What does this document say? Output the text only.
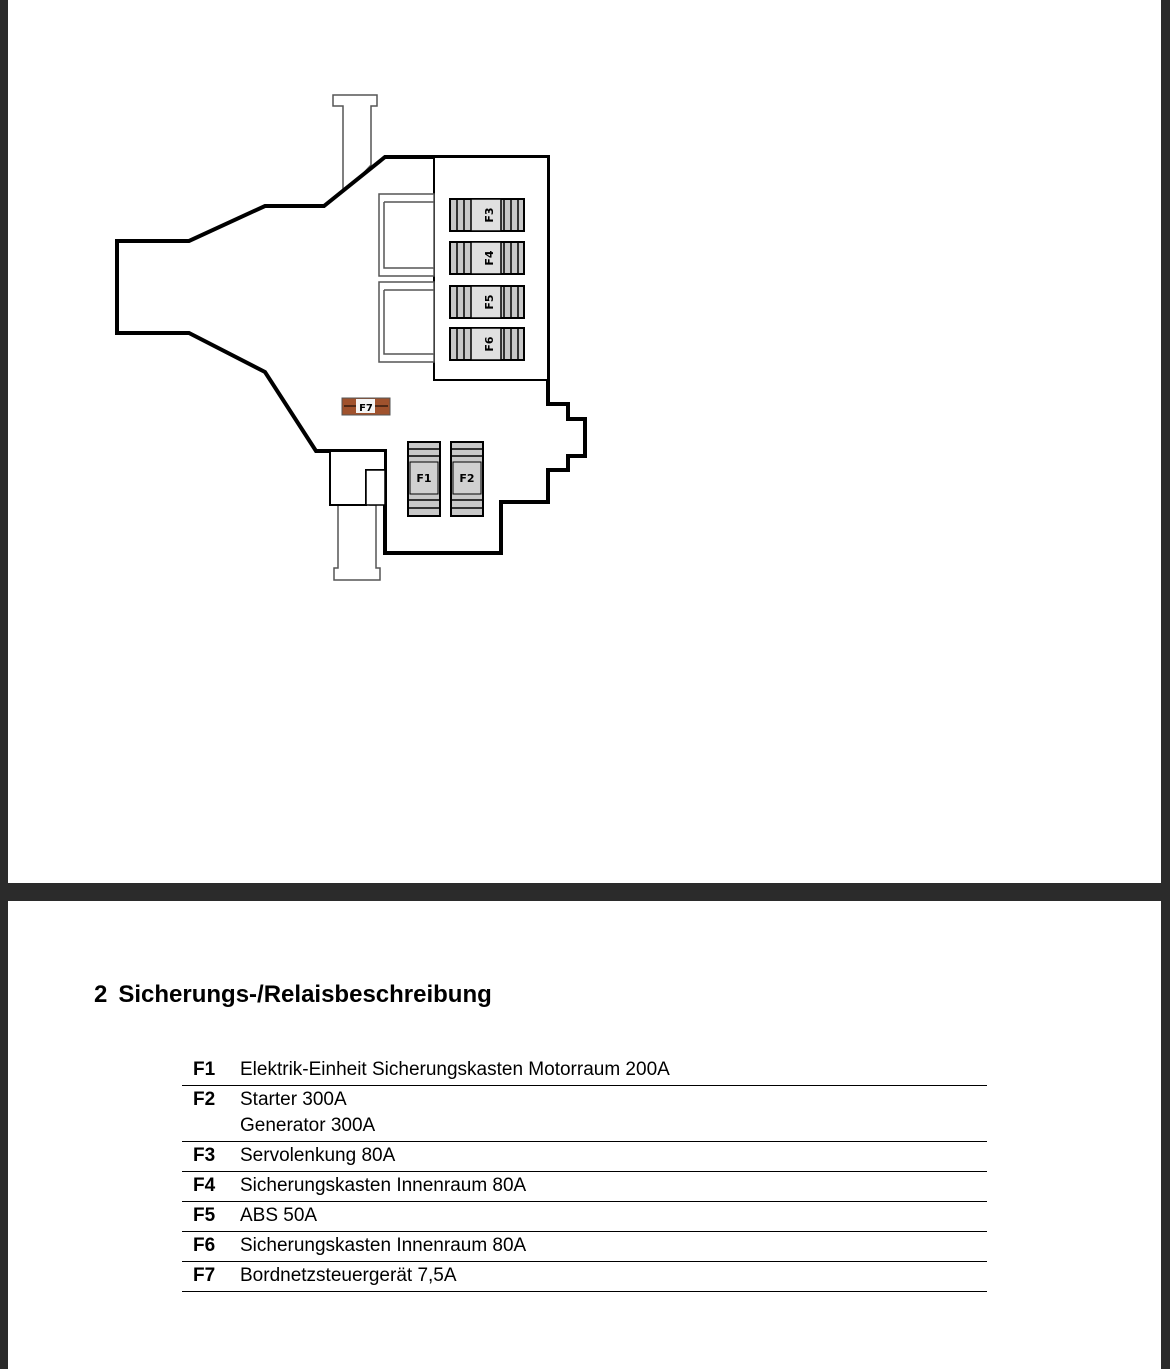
F3
F4
F5
F6
F1	F2
F7
2 Sicherungs-/Relaisbeschreibung
F1	Elektrik-Einheit Sicherungskasten Motorraum 200A
F2	Starter 300A
Generator 300A
F3	Servolenkung 80A
F4	Sicherungskasten Innenraum 80A
F5	ABS 50A
F6	Sicherungskasten Innenraum 80A
F7	Bordnetzsteuergerät 7,5A
